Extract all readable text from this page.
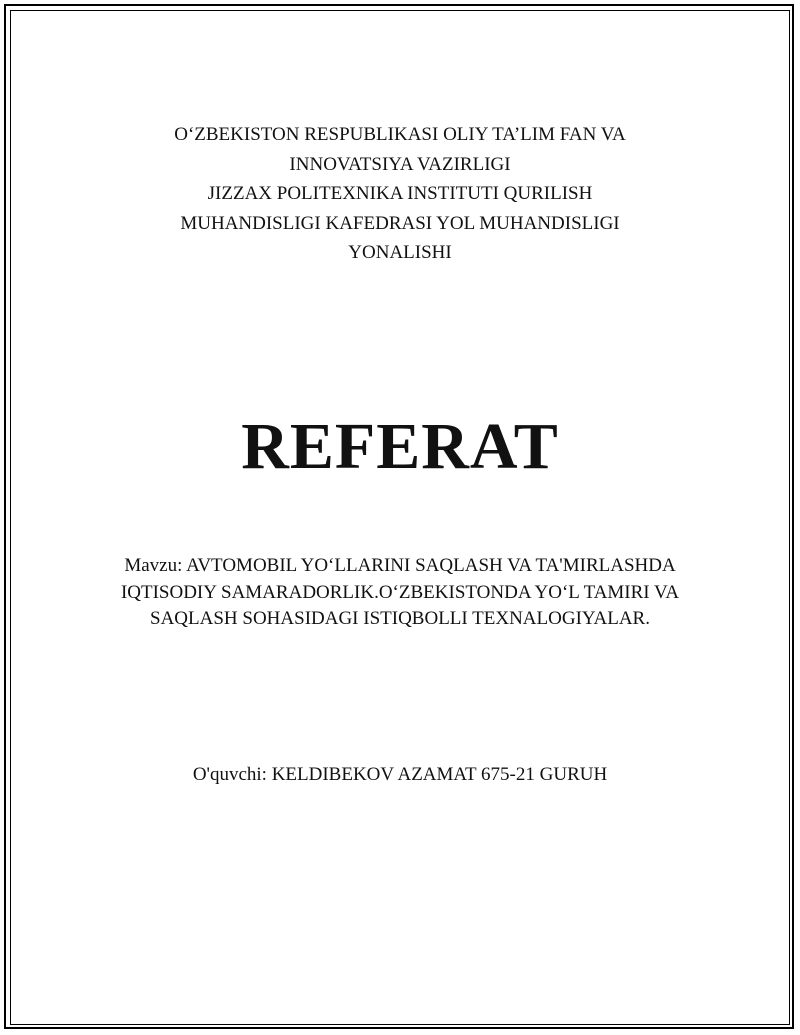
O‘ZBEKISTON RESPUBLIKASI OLIY TA’LIM FAN VA
INNOVATSIYA VAZIRLIGI
JIZZAX POLITEXNIKA INSTITUTI QURILISH
MUHANDISLIGI KAFEDRASI YOL MUHANDISLIGI
YONALISHI
REFERAT
Mavzu: AVTOMOBIL YO‘LLARINI SAQLASH VA TA'MIRLASHDA
IQTISODIY SAMARADORLIK.O‘ZBEKISTONDA YO‘L TAMIRI VA
SAQLASH SOHASIDAGI ISTIQBOLLI TEXNALOGIYALAR.
O'quvchi: KELDIBEKOV AZAMAT 675-21 GURUH
